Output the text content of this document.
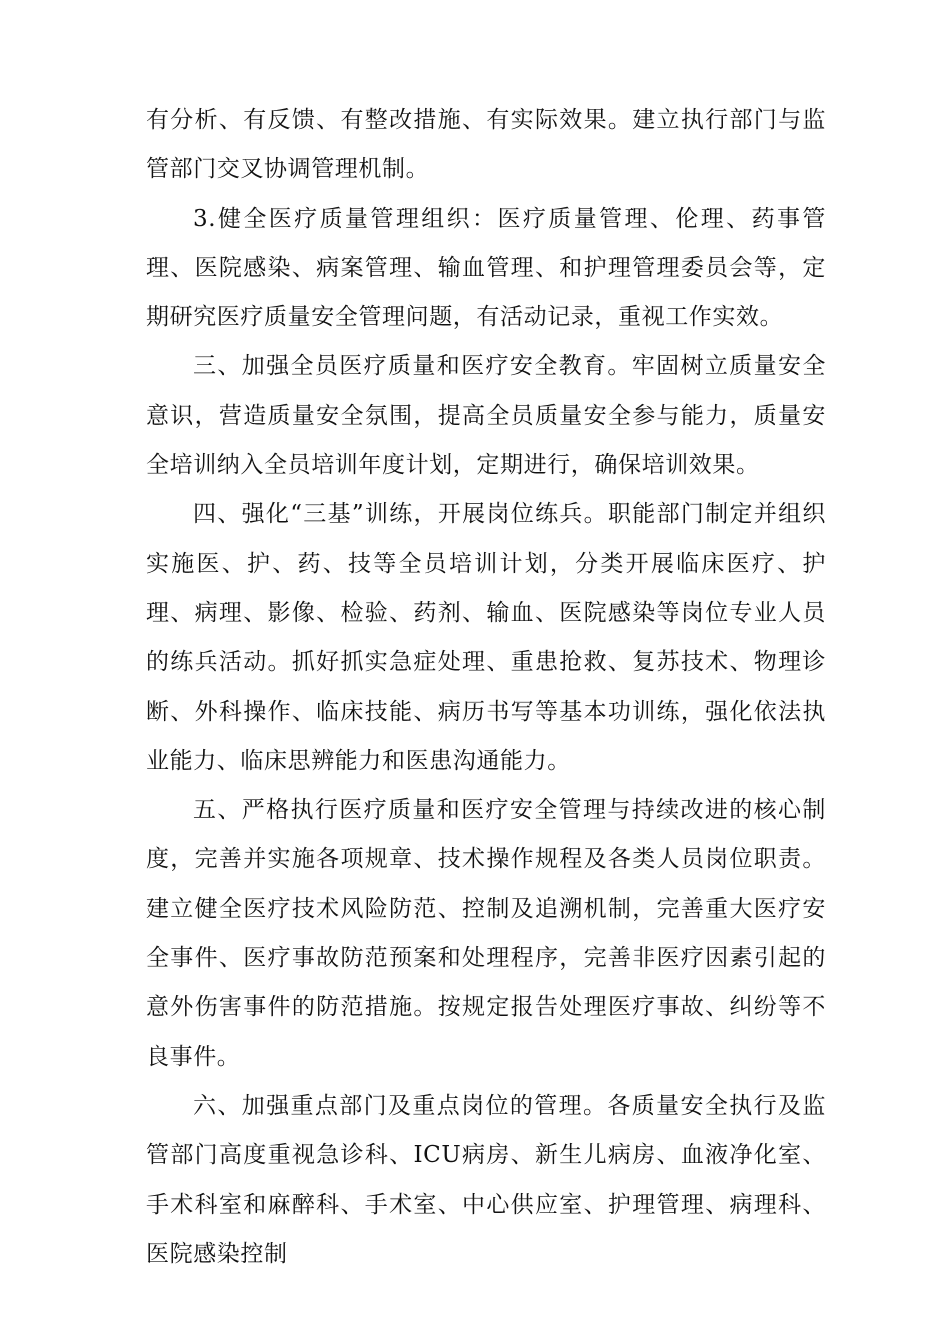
有分析、有反馈、有整改措施、有实际效果。建立执行部门与监管部门交叉协调管理机制。

3.健全医疗质量管理组织：医疗质量管理、伦理、药事管理、医院感染、病案管理、输血管理、和护理管理委员会等，定期研究医疗质量安全管理问题，有活动记录，重视工作实效。

三、加强全员医疗质量和医疗安全教育。牢固树立质量安全意识，营造质量安全氛围，提高全员质量安全参与能力，质量安全培训纳入全员培训年度计划，定期进行，确保培训效果。

四、强化“三基”训练，开展岗位练兵。职能部门制定并组织实施医、护、药、技等全员培训计划，分类开展临床医疗、护理、病理、影像、检验、药剂、输血、医院感染等岗位专业人员的练兵活动。抓好抓实急症处理、重患抢救、复苏技术、物理诊断、外科操作、临床技能、病历书写等基本功训练，强化依法执业能力、临床思辨能力和医患沟通能力。

五、严格执行医疗质量和医疗安全管理与持续改进的核心制度，完善并实施各项规章、技术操作规程及各类人员岗位职责。建立健全医疗技术风险防范、控制及追溯机制，完善重大医疗安全事件、医疗事故防范预案和处理程序，完善非医疗因素引起的意外伤害事件的防范措施。按规定报告处理医疗事故、纠纷等不良事件。

六、加强重点部门及重点岗位的管理。各质量安全执行及监管部门高度重视急诊科、ICU病房、新生儿病房、血液净化室、手术科室和麻醉科、手术室、中心供应室、护理管理、病理科、医院感染控制
